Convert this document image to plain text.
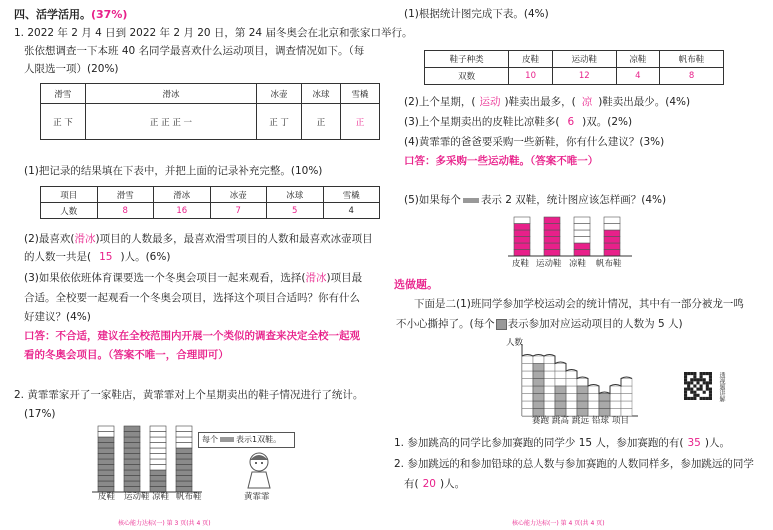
四、活学活用。(37%)
1. 2022 年 2 月 4 日到 2022 年 2 月 20 日，第 24 届冬奥会在北京和张家口举行。
张依想调查一下本班 40 名同学最喜欢什么运动项目，调查情况如下。（每
人限选一项）(20%)
滑雪	滑冰	冰壶	冰球	雪橇
正 下	正 正 正 一	正 丁	正	正
(1)把记录的结果填在下表中，并把上面的记录补充完整。(10%)
项目	滑雪	滑冰	冰壶	冰球	雪橇
人数	8	16	7	5	4
(2)最喜欢(滑冰)项目的人数最多，最喜欢滑雪项目的人数和最喜欢冰壶项目
的人数一共是( 15 )人。(6%)
(3)如果依依班体育课要选一个冬奥会项目一起来观看，选择(滑冰)项目最
合适。全校要一起观看一个冬奥会项目，选择这个项目合适吗？你有什么
好建议？(4%)
口答：不合适，建议在全校范围内开展一个类似的调查来决定全校一起观
看的冬奥会项目。（答案不唯一，合理即可）
2. 黄霏霏家开了一家鞋店，黄霏霏对上个星期卖出的鞋子情况进行了统计。
(17%)
皮鞋 运动鞋 凉鞋 帆布鞋
每个 表示1双鞋。
黄霏霏
核心能力达标(一) 第 3 页(共 4 页)
(1)根据统计图完成下表。(4%)
鞋子种类	皮鞋	运动鞋	凉鞋	帆布鞋
双数	10	12	4	8
(2)上个星期，( 运动 )鞋卖出最多，( 凉 )鞋卖出最少。(4%)
(3)上个星期卖出的皮鞋比凉鞋多( 6 )双。(2%)
(4)黄霏霏的爸爸要采购一些新鞋，你有什么建议？(3%)
口答：多采购一些运动鞋。（答案不唯一）
(5)如果每个 表示 2 双鞋，统计图应该怎样画？(4%)
皮鞋 运动鞋 凉鞋 帆布鞋
选做题。
下面是二(1)班同学参加学校运动会的统计情况，其中有一部分被龙一鸣
不小心撕掉了。(每个 表示参加对应运动项目的人数为 5 人)
人数
赛跑 跳高 跳远 铅球 项目
透视题讲解
1. 参加跳高的同学比参加赛跑的同学少 15 人，参加赛跑的有( 35 )人。
2. 参加跳远的和参加铅球的总人数与参加赛跑的人数同样多，参加跳远的同学
有( 20 )人。
核心能力达标(一) 第 4 页(共 4 页)
